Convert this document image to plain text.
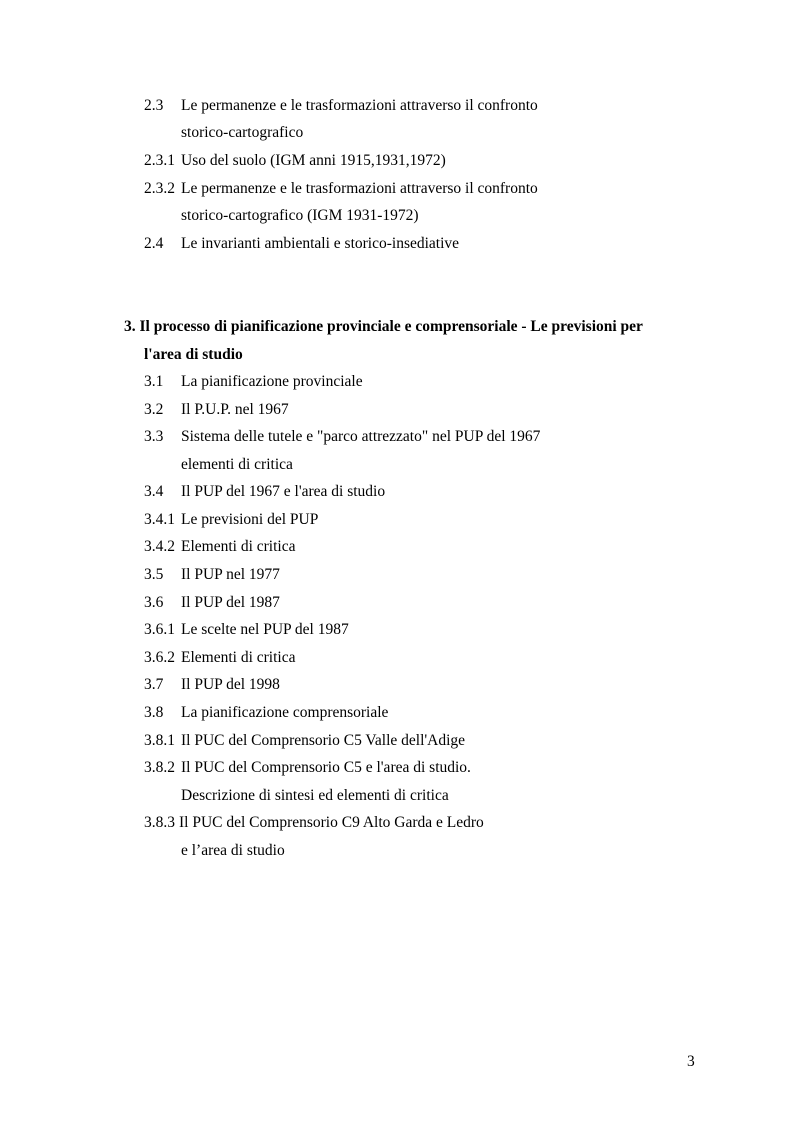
2.3 Le permanenze e le trasformazioni attraverso il confronto
storico-cartografico
2.3.1 Uso del suolo (IGM anni 1915,1931,1972)
2.3.2 Le permanenze e le trasformazioni attraverso il confronto
storico-cartografico (IGM 1931-1972)
2.4 Le invarianti ambientali e storico-insediative
3. Il processo di pianificazione provinciale e comprensoriale - Le previsioni per
l'area di studio
3.1 La pianificazione provinciale
3.2 Il P.U.P. nel 1967
3.3 Sistema delle tutele e "parco attrezzato" nel PUP del 1967
elementi di critica
3.4 Il PUP del 1967 e l'area di studio
3.4.1 Le previsioni del PUP
3.4.2 Elementi di critica
3.5 Il PUP nel 1977
3.6 Il PUP del 1987
3.6.1 Le scelte nel PUP del 1987
3.6.2 Elementi di critica
3.7 Il PUP del 1998
3.8 La pianificazione comprensoriale
3.8.1 Il PUC del Comprensorio C5 Valle dell'Adige
3.8.2 Il PUC del Comprensorio C5 e l'area di studio.
Descrizione di sintesi ed elementi di critica
3.8.3 Il PUC del Comprensorio C9 Alto Garda e Ledro
e l’area di studio
3
